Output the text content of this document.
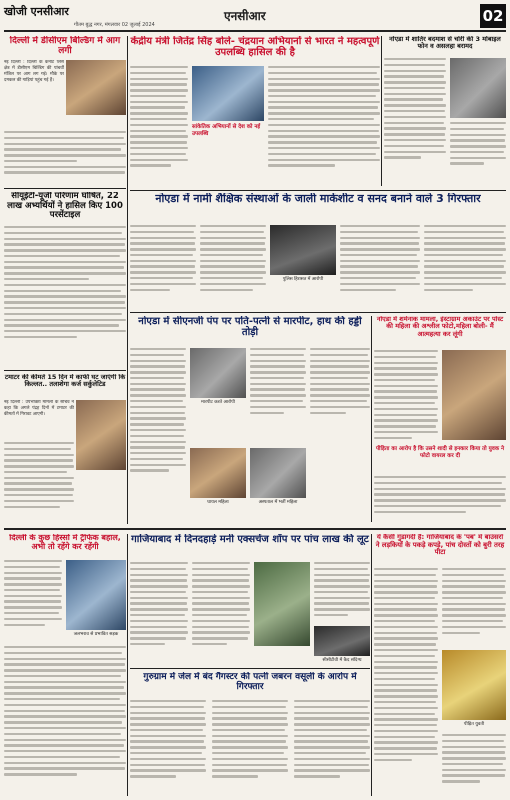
खोजी एनसीआर
गौतम बुद्ध नगर, मंगलवार 02 जुलाई 2024
एनसीआर	02
दिल्ली में डीसीएम बिल्डिंग में आग लगी
नई दिल्ली : दिल्ली के कनॉट प्लेस क्षेत्र में डीसीएम बिल्डिंग की पांचवीं मंजिल पर आग लग गई। मौके पर दमकल की गाड़ियां पहुंच गई हैं।
सीयूईटी-यूजी परिणाम घोषित, 22 लाख अभ्यर्थियों ने हासिल किए 100 परसेंटाइल
टमाटर की कीमतें 15 दिन में काफी घट जाएंगी कि किल्लत.. तलाशेगा कर्ज सर्कुलेटिड
नई दिल्ली : उपभोक्ता मामलों के सचिव ने कहा कि अगले पंद्रह दिनों में टमाटर की कीमतों में गिरावट आएगी।
केंद्रीय मंत्री जितेंद्र सिंह बोले- चंद्रयान अभियानों से भारत ने महत्वपूर्ण उपलब्धि हासिल की है
सांकेतिक अभियानों से देश को नई उपलब्धि
नोएडा में शातिर बदमाश से चोरी की 3 मोबाइल फोन व असलहा बरामद
नोएडा में नामी शैक्षिक संस्थाओं के जाली मार्कशीट व सनद बनाने वाले 3 गिरफ्तार
पुलिस हिरासत में आरोपी
नोएडा में सीएनजी पंप पर पति-पत्नी से मारपीट, हाथ की हड्डी तोड़ी
मारपीट करते आरोपी
घायल महिला	अस्पताल में भर्ती महिला
नोएडा में शर्मनाक मामला, इंस्टाग्राम अकाउंट पर पोस्ट की महिला की अश्लील फोटो,महिला बोली- मैं आत्महत्या कर लूंगी
पीड़िता का आरोप है कि उसने शादी से इनकार किया तो युवक ने फोटो वायरल कर दी
दिल्ली के कुछ हिस्सों में ट्रैफिक बहाल, अभी तो रहेंगे कर रहेंगी
जलभराव से प्रभावित सड़क
गाजियाबाद में दिनदहाड़े मनी एक्सचेंज शॉप पर पांच लाख की लूट
सीसीटीवी में कैद संदिग्ध
गुरुग्राम में जेल में बंद गैंगस्टर की पत्नी जबरन वसूली के आरोप में गिरफ्तार
ये कैसी गुंडागर्दी है: गाजियाबाद के 'पब' में बाउंसरों ने लड़कियों के पकड़े कपड़े, पांच दोस्तों को बुरी तरह पीटा
पीड़ित युवती
